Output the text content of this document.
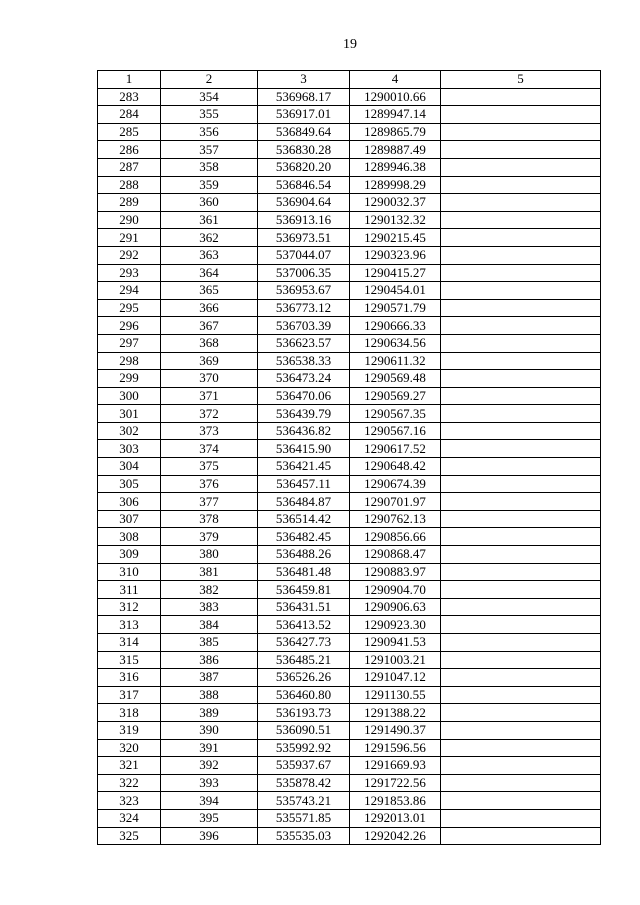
19
1	2	3	4	5
283	354	536968.17	1290010.66	
284	355	536917.01	1289947.14	
285	356	536849.64	1289865.79	
286	357	536830.28	1289887.49	
287	358	536820.20	1289946.38	
288	359	536846.54	1289998.29	
289	360	536904.64	1290032.37	
290	361	536913.16	1290132.32	
291	362	536973.51	1290215.45	
292	363	537044.07	1290323.96	
293	364	537006.35	1290415.27	
294	365	536953.67	1290454.01	
295	366	536773.12	1290571.79	
296	367	536703.39	1290666.33	
297	368	536623.57	1290634.56	
298	369	536538.33	1290611.32	
299	370	536473.24	1290569.48	
300	371	536470.06	1290569.27	
301	372	536439.79	1290567.35	
302	373	536436.82	1290567.16	
303	374	536415.90	1290617.52	
304	375	536421.45	1290648.42	
305	376	536457.11	1290674.39	
306	377	536484.87	1290701.97	
307	378	536514.42	1290762.13	
308	379	536482.45	1290856.66	
309	380	536488.26	1290868.47	
310	381	536481.48	1290883.97	
311	382	536459.81	1290904.70	
312	383	536431.51	1290906.63	
313	384	536413.52	1290923.30	
314	385	536427.73	1290941.53	
315	386	536485.21	1291003.21	
316	387	536526.26	1291047.12	
317	388	536460.80	1291130.55	
318	389	536193.73	1291388.22	
319	390	536090.51	1291490.37	
320	391	535992.92	1291596.56	
321	392	535937.67	1291669.93	
322	393	535878.42	1291722.56	
323	394	535743.21	1291853.86	
324	395	535571.85	1292013.01	
325	396	535535.03	1292042.26	
